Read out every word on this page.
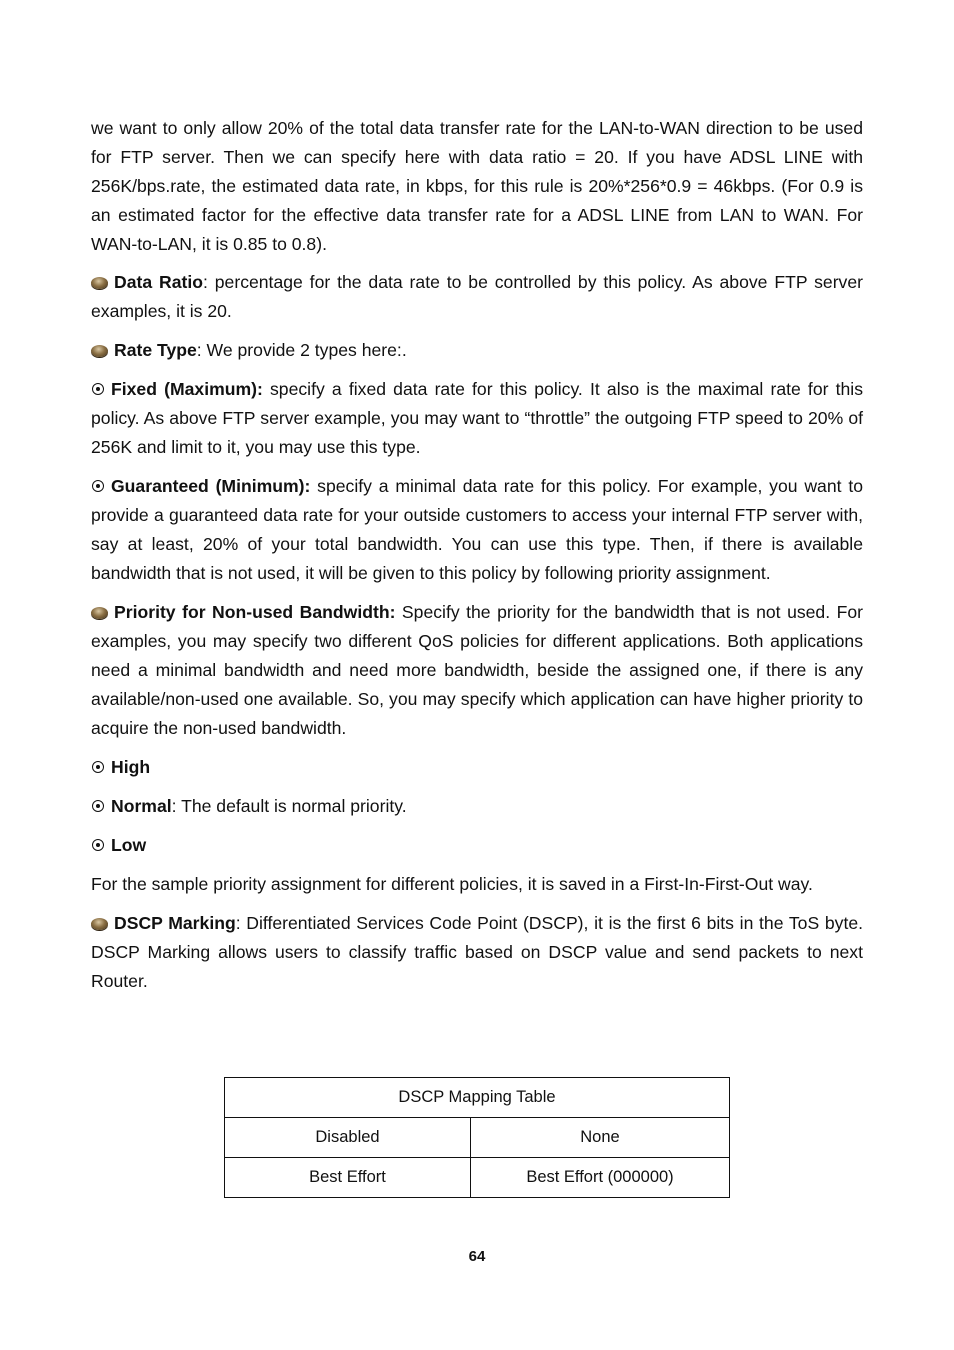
we want to only allow 20% of the total data transfer rate for the LAN-to-WAN direction to be used for FTP server. Then we can specify here with data ratio = 20. If you have ADSL LINE with 256K/bps.rate, the estimated data rate, in kbps, for this rule is 20%*256*0.9 = 46kbps. (For 0.9 is an estimated factor for the effective data transfer rate for a ADSL LINE from LAN to WAN. For WAN-to-LAN, it is 0.85 to 0.8).

Data Ratio: percentage for the data rate to be controlled by this policy. As above FTP server examples, it is 20.

Rate Type: We provide 2 types here:.

Fixed (Maximum): specify a fixed data rate for this policy. It also is the maximal rate for this policy. As above FTP server example, you may want to “throttle” the outgoing FTP speed to 20% of 256K and limit to it, you may use this type.

Guaranteed (Minimum): specify a minimal data rate for this policy. For example, you want to provide a guaranteed data rate for your outside customers to access your internal FTP server with, say at least, 20% of your total bandwidth. You can use this type. Then, if there is available bandwidth that is not used, it will be given to this policy by following priority assignment.

Priority for Non-used Bandwidth: Specify the priority for the bandwidth that is not used. For examples, you may specify two different QoS policies for different applications. Both applications need a minimal bandwidth and need more bandwidth, beside the assigned one, if there is any available/non-used one available. So, you may specify which application can have higher priority to acquire the non-used bandwidth.

High

Normal: The default is normal priority.

Low

For the sample priority assignment for different policies, it is saved in a First-In-First-Out way.

DSCP Marking: Differentiated Services Code Point (DSCP), it is the first 6 bits in the ToS byte. DSCP Marking allows users to classify traffic based on DSCP value and send packets to next Router.

DSCP Mapping Table	
Disabled	None
Best Effort	Best Effort (000000)
64
